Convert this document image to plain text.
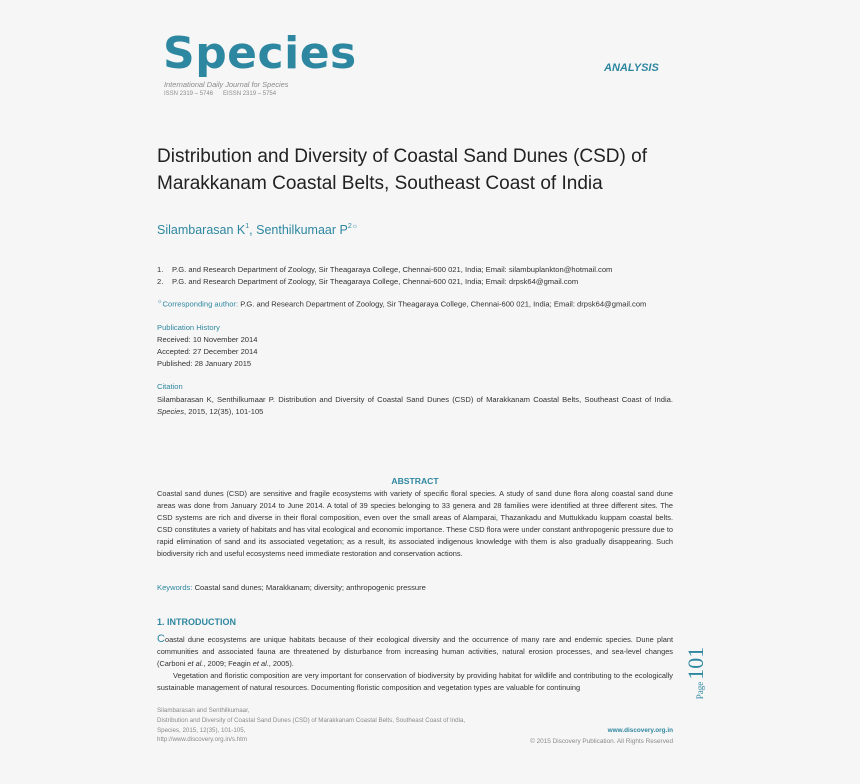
Species
International Daily Journal for Species
ISSN 2319 – 5746 EISSN 2319 – 5754
ANALYSIS
Distribution and Diversity of Coastal Sand Dunes (CSD) of
Marakkanam Coastal Belts, Southeast Coast of India
Silambarasan $K^1$, Senthilkumaar $P^{2☼}$
1. P.G. and Research Department of Zoology, Sir Theagaraya College, Chennai-600 021, India; Email: silambuplankton@hotmail.com
2. P.G. and Research Department of Zoology, Sir Theagaraya College, Chennai-600 021, India; Email: drpsk64@gmail.com
☼Corresponding author: P.G. and Research Department of Zoology, Sir Theagaraya College, Chennai-600 021, India; Email: drpsk64@gmail.com
Publication History
Received: 10 November 2014
Accepted: 27 December 2014
Published: 28 January 2015
Citation
Silambarasan K, Senthilkumaar P. Distribution and Diversity of Coastal Sand Dunes (CSD) of Marakkanam Coastal Belts, Southeast Coast of India. Species, 2015, 12(35), 101-105
ABSTRACT
Coastal sand dunes (CSD) are sensitive and fragile ecosystems with variety of specific floral species. A study of sand dune flora along coastal sand dune areas was done from January 2014 to June 2014. A total of 39 species belonging to 33 genera and 28 families were identified at three different sites. The CSD systems are rich and diverse in their floral composition, even over the small areas of Alamparai, Thazankadu and Muttukkadu kuppam coastal belts. CSD constitutes a variety of habitats and has vital ecological and economic importance. These CSD flora were under constant anthropogenic pressure due to rapid elimination of sand and its associated vegetation; as a result, its associated indigenous knowledge with them is also gradually disappearing. Such biodiversity rich and useful ecosystems need immediate restoration and conservation actions.
Keywords: Coastal sand dunes; Marakkanam; diversity; anthropogenic pressure
1. INTRODUCTION

Coastal dune ecosystems are unique habitats because of their ecological diversity and the occurrence of many rare and endemic species. Dune plant communities and associated fauna are threatened by disturbance from increasing human activities, natural erosion processes, and sea-level changes (Carboni et al., 2009; Feagin et al., 2005).

Vegetation and floristic composition are very important for conservation of biodiversity by providing habitat for wildlife and contributing to the ecologically sustainable management of natural resources. Documenting floristic composition and vegetation types are valuable for continuing	Page101
Silambarasan and Senthilkumaar,
Distribution and Diversity of Coastal Sand Dunes (CSD) of Marakkanam Coastal Belts, Southeast Coast of India,
Species, 2015, 12(35), 101-105,
http://www.discovery.org.in/s.htm
www.discovery.org.in
© 2015 Discovery Publication. All Rights Reserved
